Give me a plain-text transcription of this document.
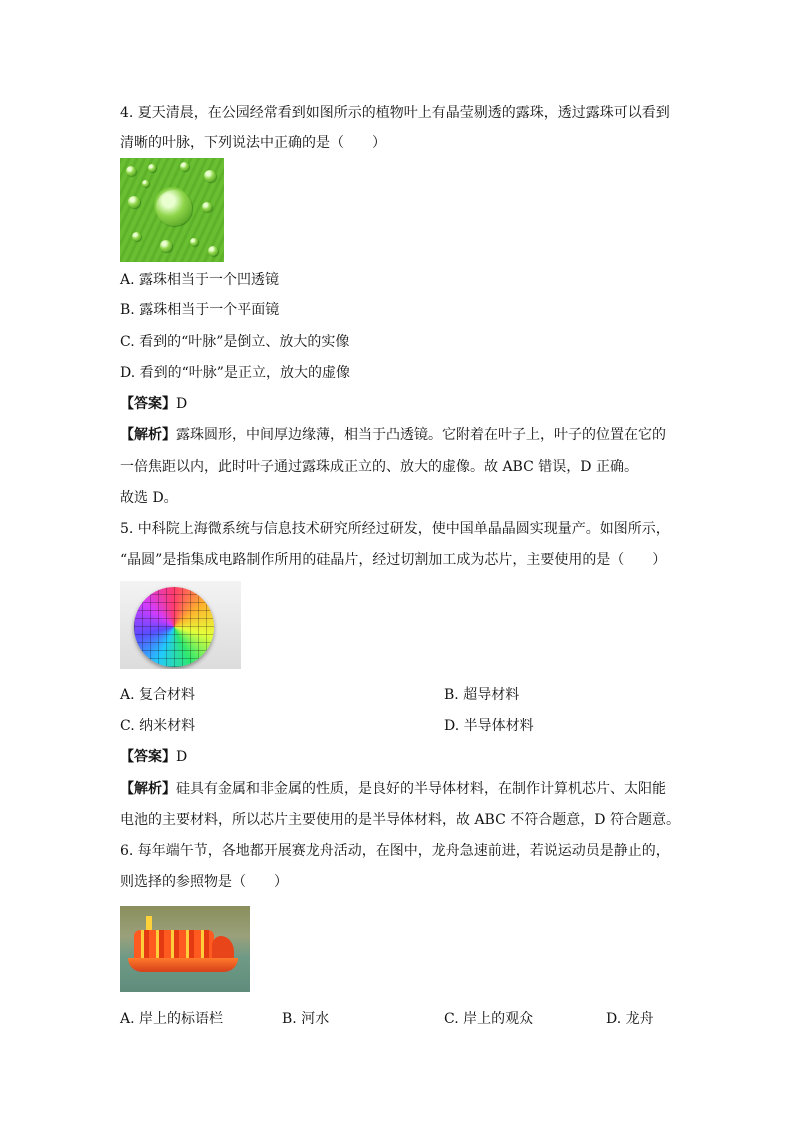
4. 夏天清晨，在公园经常看到如图所示的植物叶上有晶莹剔透的露珠，透过露珠可以看到
清晰的叶脉，下列说法中正确的是（　　）
A. 露珠相当于一个凹透镜
B. 露珠相当于一个平面镜
C. 看到的“叶脉”是倒立、放大的实像
D. 看到的“叶脉”是正立，放大的虚像
【答案】D
【解析】露珠圆形，中间厚边缘薄，相当于凸透镜。它附着在叶子上，叶子的位置在它的
一倍焦距以内，此时叶子通过露珠成正立的、放大的虚像。故 ABC 错误，D 正确。
故选 D。
5. 中科院上海微系统与信息技术研究所经过研发，使中国单晶晶圆实现量产。如图所示，
“晶圆”是指集成电路制作所用的硅晶片，经过切割加工成为芯片，主要使用的是（　　）
A. 复合材料	B. 超导材料
C. 纳米材料	D. 半导体材料
【答案】D
【解析】硅具有金属和非金属的性质，是良好的半导体材料，在制作计算机芯片、太阳能
电池的主要材料，所以芯片主要使用的是半导体材料，故 ABC 不符合题意，D 符合题意。
6. 每年端午节，各地都开展赛龙舟活动，在图中，龙舟急速前进，若说运动员是静止的，
则选择的参照物是（　　）
A. 岸上的标语栏	B. 河水	C. 岸上的观众	D. 龙舟
